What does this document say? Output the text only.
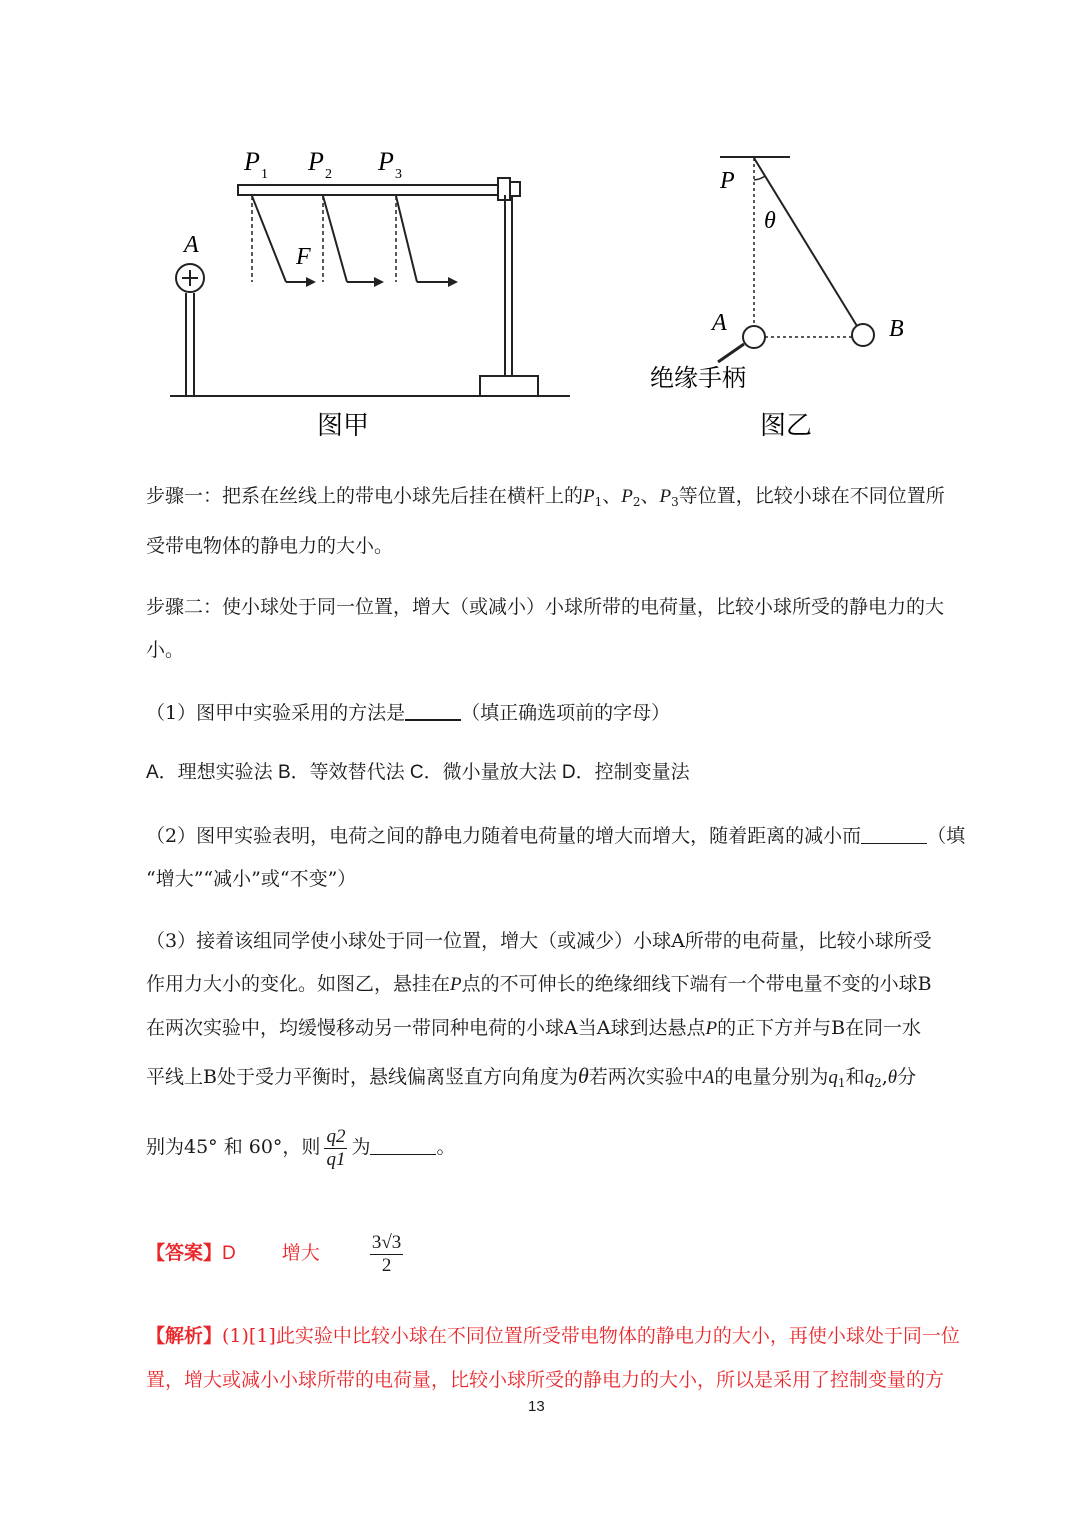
A
P 1 P 2 P 3
F
图甲
P
θ
A	B
绝缘手柄
图乙
步骤一：把系在丝线上的带电小球先后挂在横杆上的$P_1$、$P_2$、$P_3$等位置，比较小球在不同位置所
受带电物体的静电力的大小。
步骤二：使小球处于同一位置，增大（或减小）小球所带的电荷量，比较小球所受的静电力的大
小。
（1）图甲中实验采用的方法是	（填正确选项前的字母）
A．理想实验法 B．等效替代法 C．微小量放大法 D．控制变量法
（2）图甲实验表明，电荷之间的静电力随着电荷量的增大而增大，随着距离的减小而	（填
“增大”“减小”或“不变”）
（3）接着该组同学使小球处于同一位置，增大（或减少）小球A所带的电荷量，比较小球所受
作用力大小的变化。如图乙，悬挂在P点的不可伸长的绝缘细线下端有一个带电量不变的小球B
在两次实验中，均缓慢移动另一带同种电荷的小球A当A球到达悬点P的正下方并与B在同一水
平线上B处于受力平衡时，悬线偏离竖直方向角度为θ若两次实验中A的电量分别为$q_1$和$q_2,\theta$分
别为45° 和 60°，则 $\frac{q2}{q1}$ 为	。
【答案】D 增大	$\frac{3√3}{2}$
【解析】(1)[1]此实验中比较小球在不同位置所受带电物体的静电力的大小，再使小球处于同一位
置，增大或减小小球所带的电荷量，比较小球所受的静电力的大小，所以是采用了控制变量的方
13
